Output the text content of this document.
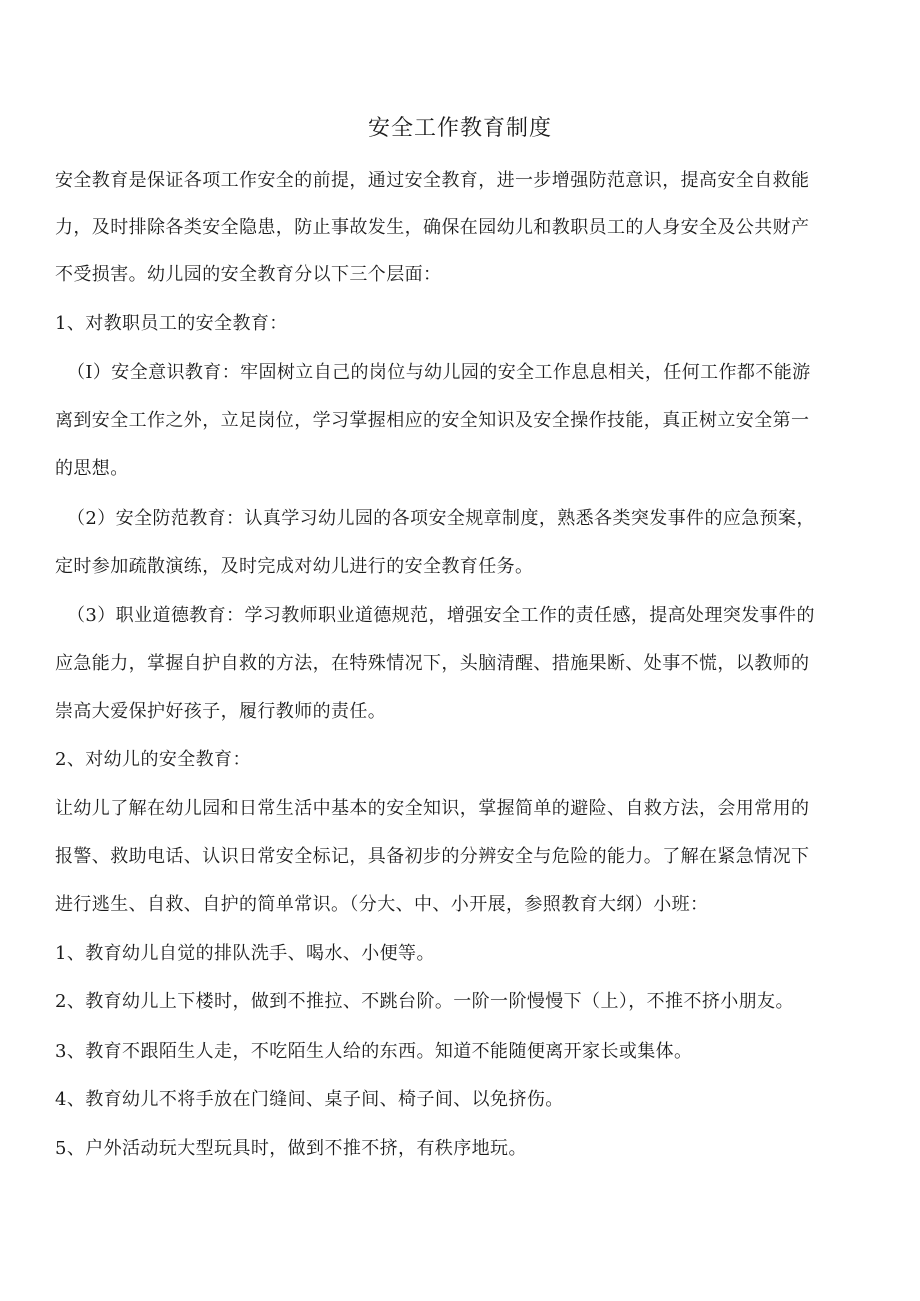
安全工作教育制度
安全教育是保证各项工作安全的前提，通过安全教育，进一步增强防范意识，提高安全自救能
力，及时排除各类安全隐患，防止事故发生，确保在园幼儿和教职员工的人身安全及公共财产
不受损害。幼儿园的安全教育分以下三个层面：
1、对教职员工的安全教育：
（I）安全意识教育：牢固树立自己的岗位与幼儿园的安全工作息息相关，任何工作都不能游
离到安全工作之外，立足岗位，学习掌握相应的安全知识及安全操作技能，真正树立安全第一
的思想。
（2）安全防范教育：认真学习幼儿园的各项安全规章制度，熟悉各类突发事件的应急预案，
定时参加疏散演练，及时完成对幼儿进行的安全教育任务。
（3）职业道德教育：学习教师职业道德规范，增强安全工作的责任感，提高处理突发事件的
应急能力，掌握自护自救的方法，在特殊情况下，头脑清醒、措施果断、处事不慌，以教师的
崇高大爱保护好孩子，履行教师的责任。
2、对幼儿的安全教育：
让幼儿了解在幼儿园和日常生活中基本的安全知识，掌握简单的避险、自救方法，会用常用的
报警、救助电话、认识日常安全标记，具备初步的分辨安全与危险的能力。了解在紧急情况下
进行逃生、自救、自护的简单常识。（分大、中、小开展，参照教育大纲）小班：
1、教育幼儿自觉的排队洗手、喝水、小便等。
2、教育幼儿上下楼时，做到不推拉、不跳台阶。一阶一阶慢慢下（上），不推不挤小朋友。
3、教育不跟陌生人走，不吃陌生人给的东西。知道不能随便离开家长或集体。
4、教育幼儿不将手放在门缝间、桌子间、椅子间、以免挤伤。
5、户外活动玩大型玩具时，做到不推不挤，有秩序地玩。
